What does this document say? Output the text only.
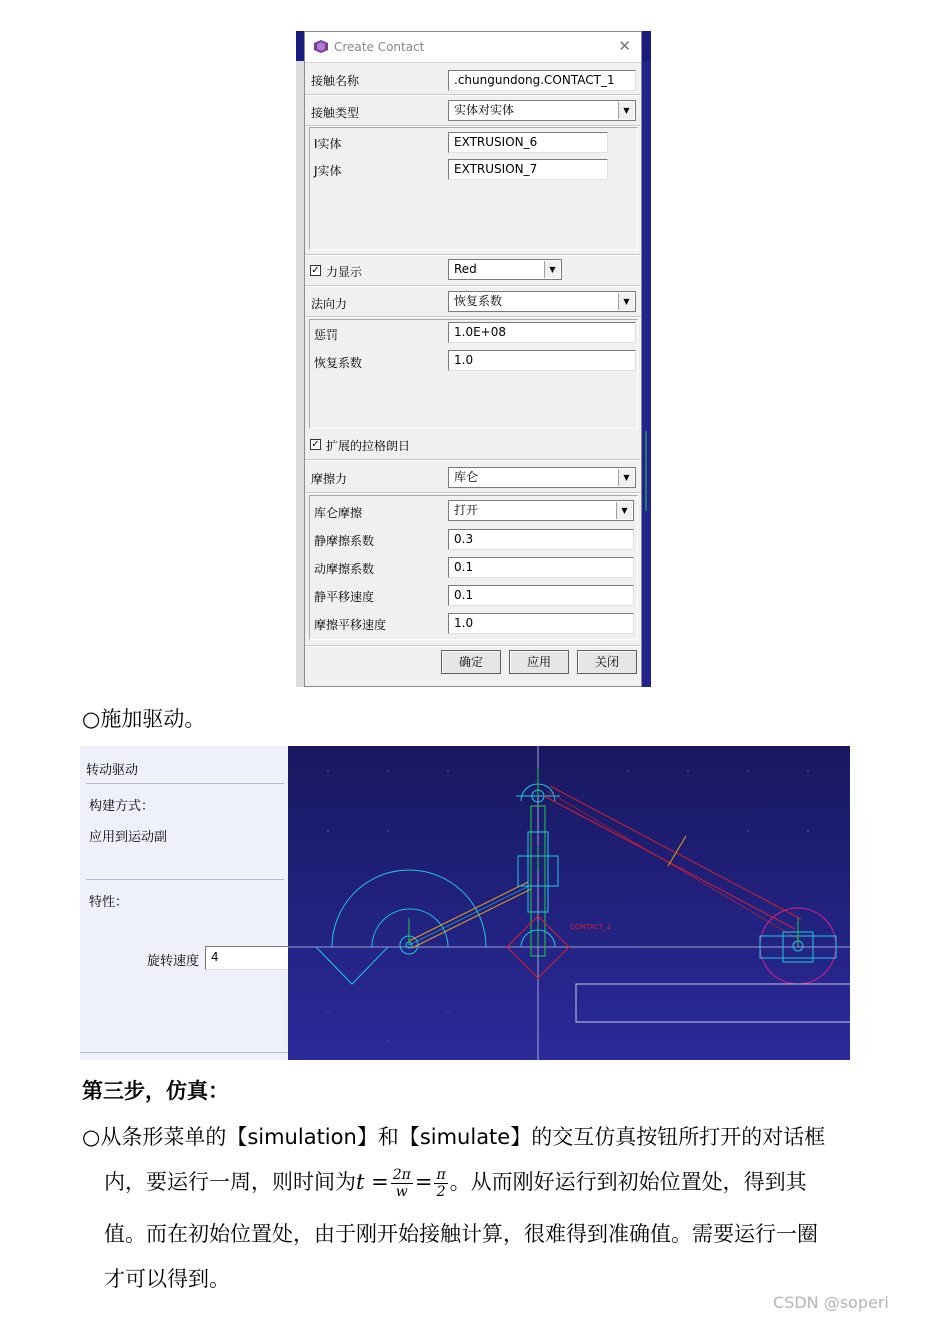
Create Contact	✕
接触名称	.chungundong.CONTACT_1
接触类型	实体对实体	▼
I实体	EXTRUSION_6
J实体	EXTRUSION_7
✓ 力显示	Red	▼
法向力	恢复系数	▼
惩罚	1.0E+08
恢复系数	1.0
✓ 扩展的拉格朗日
摩擦力	库仑	▼
库仑摩擦	打开	▼
静摩擦系数	0.3
动摩擦系数	0.1
静平移速度	0.1
摩擦平移速度	1.0
确定	应用	关闭
○施加驱动。
转动驱动
构建方式：
应用到运动副
特性：
旋转速度 4
CONTACT_1
第三步，仿真：
○从条形菜单的【simulation】和【simulate】的交互仿真按钮所打开的对话框
内，要运行一周，则时间为$t = \frac{2\pi}{w} = \frac{\pi}{2}$ 。从而刚好运行到初始位置处，得到其
值。而在初始位置处，由于刚开始接触计算，很难得到准确值。需要运行一圈
才可以得到。
CSDN @soperi
